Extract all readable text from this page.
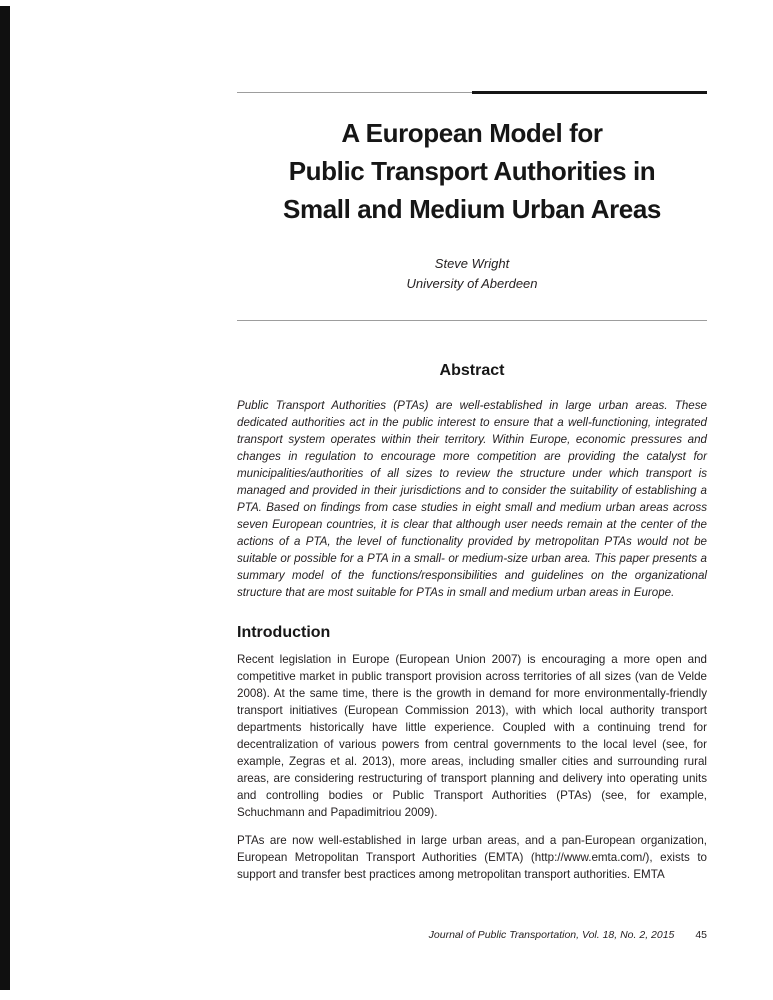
A European Model for
Public Transport Authorities in
Small and Medium Urban Areas
Steve Wright
University of Aberdeen
Abstract

Public Transport Authorities (PTAs) are well-established in large urban areas. These dedicated authorities act in the public interest to ensure that a well-functioning, integrated transport system operates within their territory. Within Europe, economic pressures and changes in regulation to encourage more competition are providing the catalyst for municipalities/authorities of all sizes to review the structure under which transport is managed and provided in their jurisdictions and to consider the suitability of establishing a PTA. Based on findings from case studies in eight small and medium urban areas across seven European countries, it is clear that although user needs remain at the center of the actions of a PTA, the level of functionality provided by metropolitan PTAs would not be suitable or possible for a PTA in a small- or medium-size urban area. This paper presents a summary model of the functions/responsibilities and guidelines on the organizational structure that are most suitable for PTAs in small and medium urban areas in Europe.

Introduction

Recent legislation in Europe (European Union 2007) is encouraging a more open and competitive market in public transport provision across territories of all sizes (van de Velde 2008). At the same time, there is the growth in demand for more environmentally-friendly transport initiatives (European Commission 2013), with which local authority transport departments historically have little experience. Coupled with a continuing trend for decentralization of various powers from central governments to the local level (see, for example, Zegras et al. 2013), more areas, including smaller cities and surrounding rural areas, are considering restructuring of transport planning and delivery into operating units and controlling bodies or Public Transport Authorities (PTAs) (see, for example, Schuchmann and Papadimitriou 2009).

PTAs are now well-established in large urban areas, and a pan-European organization, European Metropolitan Transport Authorities (EMTA) (http://www.emta.com/), exists to support and transfer best practices among metropolitan transport authorities. EMTA

Journal of Public Transportation, Vol. 18, No. 2, 2015 45
